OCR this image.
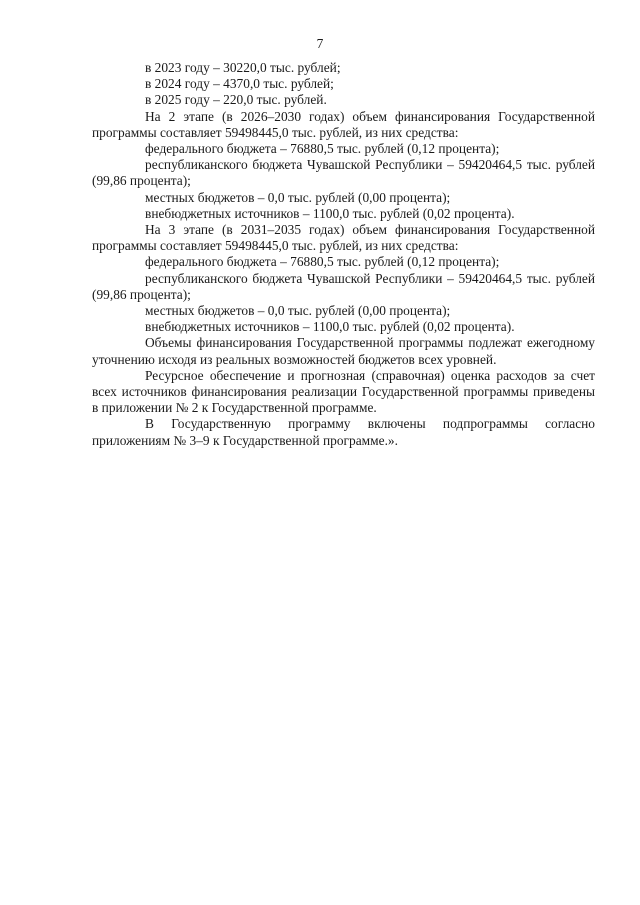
7

в 2023 году – 30220,0 тыс. рублей;

в 2024 году – 4370,0 тыс. рублей;

в 2025 году – 220,0 тыс. рублей.

На 2 этапе (в 2026–2030 годах) объем финансирования Государственной программы составляет 59498445,0 тыс. рублей, из них средства:

федерального бюджета – 76880,5 тыс. рублей (0,12 процента);

республиканского бюджета Чувашской Республики – 59420464,5 тыс. рублей (99,86 процента);

местных бюджетов – 0,0 тыс. рублей (0,00 процента);

внебюджетных источников – 1100,0 тыс. рублей (0,02 процента).

На 3 этапе (в 2031–2035 годах) объем финансирования Государственной программы составляет 59498445,0 тыс. рублей, из них средства:

федерального бюджета – 76880,5 тыс. рублей (0,12 процента);

республиканского бюджета Чувашской Республики – 59420464,5 тыс. рублей (99,86 процента);

местных бюджетов – 0,0 тыс. рублей (0,00 процента);

внебюджетных источников – 1100,0 тыс. рублей (0,02 процента).

Объемы финансирования Государственной программы подлежат ежегодному уточнению исходя из реальных возможностей бюджетов всех уровней.

Ресурсное обеспечение и прогнозная (справочная) оценка расходов за счет всех источников финансирования реализации Государственной программы приведены в приложении № 2 к Государственной программе.

В Государственную программу включены подпрограммы согласно приложениям № 3–9 к Государственной программе.».
